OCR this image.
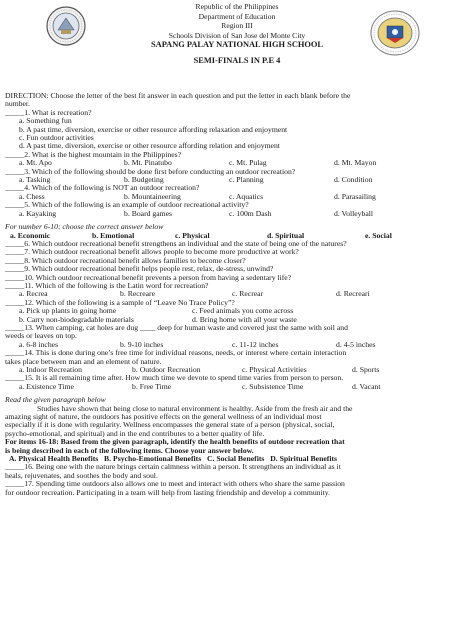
Republic of the Philippines
Department of Education
Region III
Schools Division of San Jose del Monte City
SAPANG PALAY NATIONAL HIGH SCHOOL
SEMI-FINALS IN P.E 4
DIRECTION: Choose the letter of the best fit answer in each question and put the letter in each blank before the
number.
_____1. What is recreation?
a. Something fun
b. A past time, diversion, exercise or other resource affording relaxation and enjoyment
c. Fun outdoor activities
d. A past time, diversion, exercise or other resource affording relation and enjoyment
_____2. What is the highest mountain in the Philippines?
a. Mt. Apo	b. Mt. Pinatubo	c. Mt. Pulag	d. Mt. Mayon
_____3. Which of the following should be done first before conducting an outdoor recreation?
a. Tasking	b. Budgeting	c. Planning	d. Condition
_____4. Which of the following is NOT an outdoor recreation?
a. Chess	b. Mountaineering	c. Aquatics	d. Parasailing
_____5. Which of the following is an example of outdoor recreational activity?
a. Kayaking	b. Board games	c. 100m Dash	d. Volleyball
For number 6-10; choose the correct answer below
a. Economic	b. Emotional	c. Physical	d. Spiritual	e. Social
_____6. Which outdoor recreational benefit strengthens an individual and the state of being one of the natures?
_____7. Which outdoor recreational benefit allows people to become more productive at work?
_____8. Which outdoor recreational benefit allows families to become closer?
_____9. Which outdoor recreational benefit helps people rest, relax, de-stress, unwind?
_____10. Which outdoor recreational benefit prevents a person from having a sedentary life?
_____11. Which of the following is the Latin word for recreation?
a. Recrea	b. Recreare	c. Recrear	d. Recreari
_____12. Which of the following is a sample of “Leave No Trace Policy”?
a. Pick up plants in going home	c. Feed animals you come across
b. Carry non-biodegradable materials	d. Bring home with all your waste
_____13. When camping, cat holes are dug ____ deep for human waste and covered just the same with soil and
weeds or leaves on top.
a. 6-8 inches	b. 9-10 inches	c. 11-12 inches	d. 4-5 inches
_____14. This is done during one’s free time for individual reasons, needs, or interest where certain interaction
takes place between man and an element of nature.
a. Indoor Recreation	b. Outdoor Recreation	c. Physical Activities	d. Sports
_____15. It is all remaining time after. How much time we devote to spend time varies from person to person.
a. Existence Time	b. Free Time	c. Subsistence Time	d. Vacant
Read the given paragraph below
Studies have shown that being close to natural environment is healthy. Aside from the fresh air and the
amazing sight of nature, the outdoors has positive effects on the general wellness of an individual most
especially if it is done with regularity. Wellness encompasses the general state of a person (physical, social,
psycho-emotional, and spiritual) and in the end contributes to a better quality of life.
For items 16-18: Based from the given paragraph, identify the health benefits of outdoor recreation that
is being described in each of the following items. Choose your answer below.
A. Physical Health Benefits B. Psycho-Emotional Benefits C. Social Benefits D. Spiritual Benefits
_____16. Being one with the nature brings certain calmness within a person. It strengthens an individual as it
heals, rejuvenates, and soothes the body and soul.
_____17. Spending time outdoors also allows one to meet and interact with others who share the same passion
for outdoor recreation. Participating in a team will help from lasting friendship and develop a community.
